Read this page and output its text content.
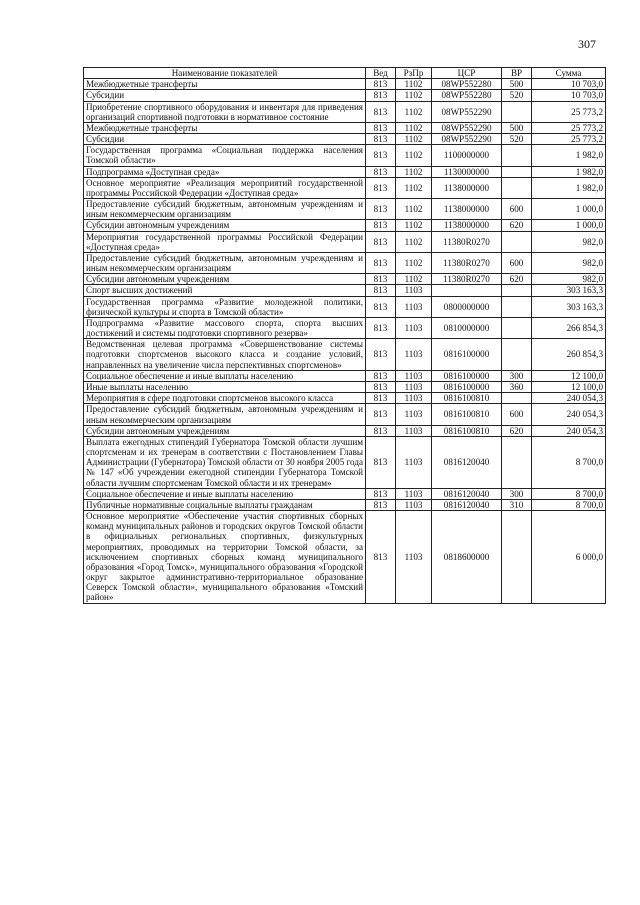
307
Наименование показателей	Вед	РзПр	ЦСР	ВР	Сумма
Межбюджетные трансферты	813	1102	08WP552280	500	10 703,0
Субсидии	813	1102	08WP552280	520	10 703,0
Приобретение спортивного оборудования и инвентаря для приведения организаций спортивной подготовки в нормативное состояние	813	1102	08WP552290		25 773,2
Межбюджетные трансферты	813	1102	08WP552290	500	25 773,2
Субсидии	813	1102	08WP552290	520	25 773,2
Государственная программа «Социальная поддержка населения Томской области»	813	1102	1100000000		1 982,0
Подпрограмма «Доступная среда»	813	1102	1130000000		1 982,0
Основное мероприятие «Реализация мероприятий государственной программы Российской Федерации «Доступная среда»	813	1102	1138000000		1 982,0
Предоставление субсидий бюджетным, автономным учреждениям и иным некоммерческим организациям	813	1102	1138000000	600	1 000,0
Субсидии автономным учреждениям	813	1102	1138000000	620	1 000,0
Мероприятия государственной программы Российской Федерации «Доступная среда»	813	1102	11380R0270		982,0
Предоставление субсидий бюджетным, автономным учреждениям и иным некоммерческим организациям	813	1102	11380R0270	600	982,0
Субсидии автономным учреждениям	813	1102	11380R0270	620	982,0
Спорт высших достижений	813	1103			303 163,3
Государственная программа «Развитие молодежной политики, физической культуры и спорта в Томской области»	813	1103	0800000000		303 163,3
Подпрограмма «Развитие массового спорта, спорта высших достижений и системы подготовки спортивного резерва»	813	1103	0810000000		266 854,3
Ведомственная целевая программа «Совершенствование системы подготовки спортсменов высокого класса и создание условий, направленных на увеличение числа перспективных спортсменов»	813	1103	0816100000		260 854,3
Социальное обеспечение и иные выплаты населению	813	1103	0816100000	300	12 100,0
Иные выплаты населению	813	1103	0816100000	360	12 100,0
Мероприятия в сфере подготовки спортсменов высокого класса	813	1103	0816100810		240 054,3
Предоставление субсидий бюджетным, автономным учреждениям и иным некоммерческим организациям	813	1103	0816100810	600	240 054,3
Субсидии автономным учреждениям	813	1103	0816100810	620	240 054,3
Выплата ежегодных стипендий Губернатора Томской области лучшим спортсменам и их тренерам в соответствии с Постановлением Главы Администрации (Губернатора) Томской области от 30 ноября 2005 года № 147 «Об учреждении ежегодной стипендии Губернатора Томской области лучшим спортсменам Томской области и их тренерам»	813	1103	0816120040		8 700,0
Социальное обеспечение и иные выплаты населению	813	1103	0816120040	300	8 700,0
Публичные нормативные социальные выплаты гражданам	813	1103	0816120040	310	8 700,0
Основное мероприятие «Обеспечение участия спортивных сборных команд муниципальных районов и городских округов Томской области в официальных региональных спортивных, физкультурных мероприятиях, проводимых на территории Томской области, за исключением спортивных сборных команд муниципального образования «Город Томск», муниципального образования «Городской округ закрытое административно-территориальное образование Северск Томской области», муниципального образования «Томский район»	813	1103	0818600000		6 000,0
